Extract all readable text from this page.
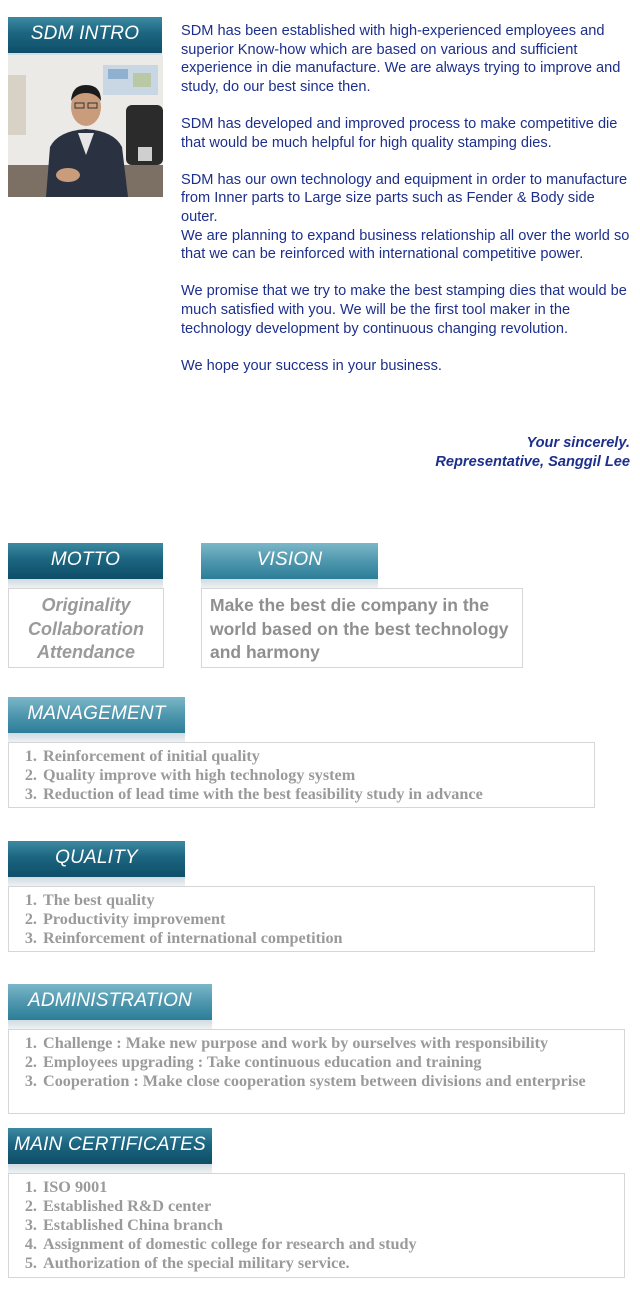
SDM INTRO	SDM has been established with high-experienced employees and superior Know-how which are based on various and sufficient experience in die manufacture. We are always trying to improve and study, do our best since then.

SDM has developed and improved process to make competitive die that would be much helpful for high quality stamping dies.

SDM has our own technology and equipment in order to manufacture from Inner parts to Large size parts such as Fender & Body side outer.

We are planning to expand business relationship all over the world so that we can be reinforced with international competitive power.

We promise that we try to make the best stamping dies that would be much satisfied with you. We will be the first tool maker in the technology development by continuous changing revolution.

We hope your success in your business.

Your sincerely.
Representative, Sanggil Lee
MOTTO
Originality
Collaboration
Attendance
VISION
Make the best die company in the world based on the best technology and harmony
MANAGEMENT
1. Reinforcement of initial quality
2. Quality improve with high technology system
3. Reduction of lead time with the best feasibility study in advance
QUALITY
1. The best quality
2. Productivity improvement
3. Reinforcement of international competition
ADMINISTRATION
1. Challenge : Make new purpose and work by ourselves with responsibility
2. Employees upgrading : Take continuous education and training
3. Cooperation : Make close cooperation system between divisions and enterprise
MAIN CERTIFICATES
1. ISO 9001
2. Established R&D center
3. Established China branch
4. Assignment of domestic college for research and study
5. Authorization of the special military service.
